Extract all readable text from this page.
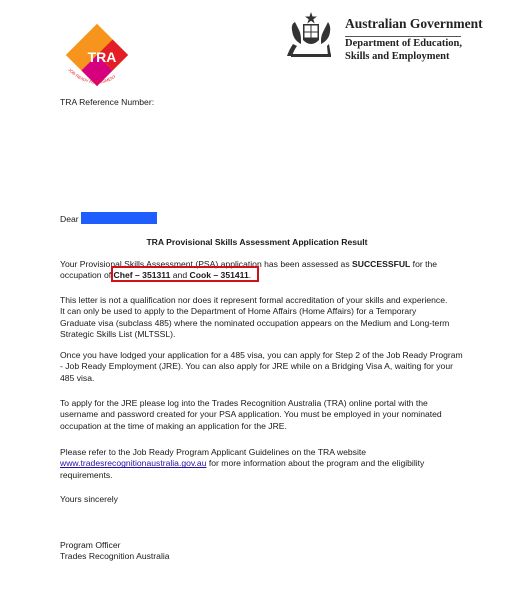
TRA
JOB READY ASSESSMENT
Australian Government
Department of Education,
Skills and Employment
TRA Reference Number:
Dear
TRA Provisional Skills Assessment Application Result
Your Provisional Skills Assessment (PSA) application has been assessed as SUCCESSFUL for the
occupation of Chef – 351311 and Cook – 351411.
This letter is not a qualification nor does it represent formal accreditation of your skills and experience.
It can only be used to apply to the Department of Home Affairs (Home Affairs) for a Temporary
Graduate visa (subclass 485) where the nominated occupation appears on the Medium and Long-term
Strategic Skills List (MLTSSL).
Once you have lodged your application for a 485 visa, you can apply for Step 2 of the Job Ready Program
- Job Ready Employment (JRE). You can also apply for JRE while on a Bridging Visa A, waiting for your
485 visa.
To apply for the JRE please log into the Trades Recognition Australia (TRA) online portal with the
username and password created for your PSA application. You must be employed in your nominated
occupation at the time of making an application for the JRE.
Please refer to the Job Ready Program Applicant Guidelines on the TRA website
www.tradesrecognitionaustralia.gov.au for more information about the program and the eligibility
requirements.
Yours sincerely
Program Officer
Trades Recognition Australia
